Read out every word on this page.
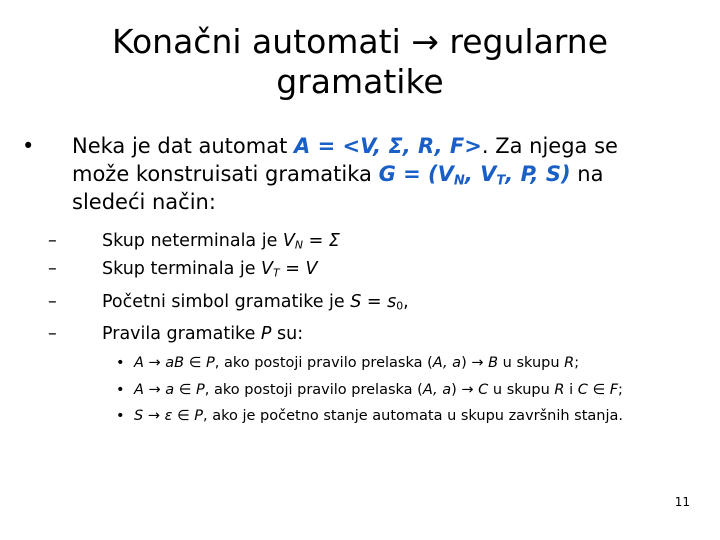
Konačni automati → regularne
gramatike
• Neka je dat automat A = <V, Σ, R, F>. Za njega se može konstruisati gramatika $G = (V_N$, $V_T$, P, S) na sledeći način:
–	Skup neterminala je $V_N = \Sigma$
–	Skup terminala je $V_T = V$
–	Početni simbol gramatike je $S = s_0$,
–	Pravila gramatike P su:
• A → aB ∈ P, ako postoji pravilo prelaska (A, a) → B u skupu R;
• A → a ∈ P, ako postoji pravilo prelaska (A, a) → C u skupu R i C ∈ F;
• S → ε ∈ P, ako je početno stanje automata u skupu završnih stanja.
11
